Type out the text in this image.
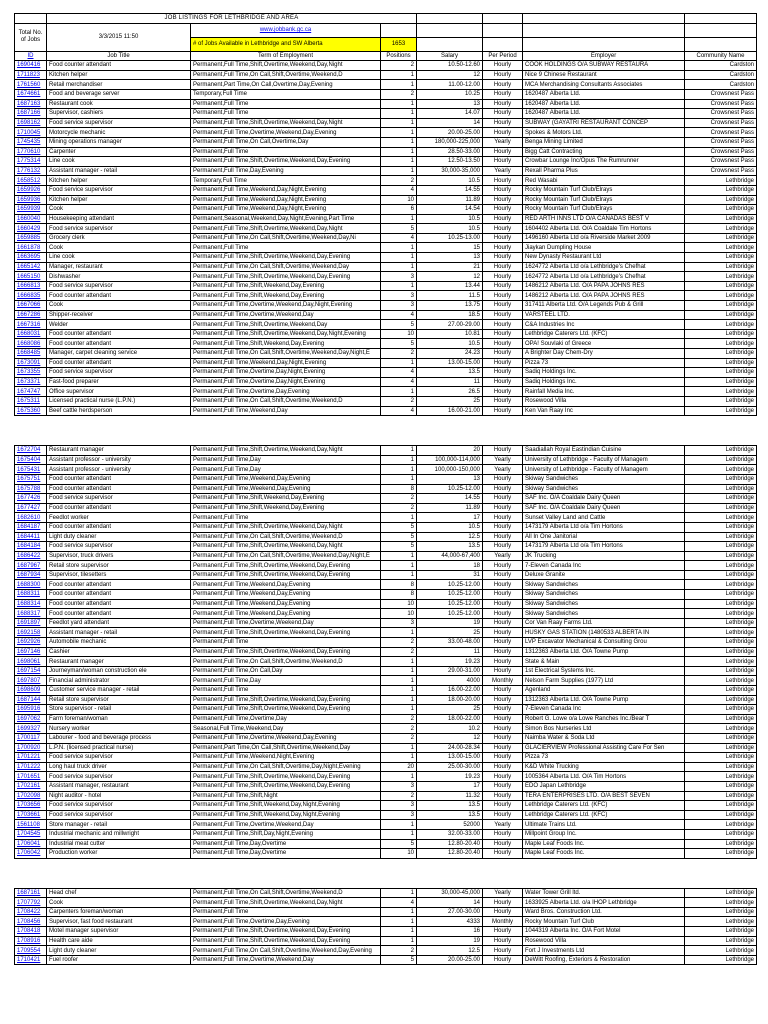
	JOB LISTINGS FOR LETHBRIDGE AND AREA						
Total No. of Jobs	3/3/2015 11:50	www.jobbank.gc.ca					
		# of Jobs Available in Lethbridge and SW Alberta	1653				
ID	Job Title	Term of Employment	Positions	Salary	Per Period	Employer	Community Name
1690416	Food counter attendant	Permanent,Full Time,Shift,Overtime,Weekend,Day,Night	2	10.50-12.60	Hourly	COOK HOLDINGS O/A SUBWAY RESTAURA	Cardston
1711823	Kitchen helper	Permanent,Full Time,On Call,Shift,Overtime,Weekend,D	1	12	Hourly	Nice 9 Chinese Restaurant	Cardston
1761560	Retail merchandiser	Permanent,Part Time,On Call,Overtime,Day,Evening	1	11.00-12.00	Hourly	MCA Merchandising Consultants Associates	Cardston
1674661	Food and beverage server	Temporary,Full Time	2	10.25	Hourly	1620487 Alberta Ltd.	Crowsnest Pass
1687163	Restaurant cook	Permanent,Full Time	1	13	Hourly	1620487 Alberta Ltd.	Crowsnest Pass
1687166	Supervisor, cashiers	Permanent,Full Time	1	14.07	Hourly	1620487 Alberta Ltd.	Crowsnest Pass
1698162	Food service supervisor	Permanent,Full Time,Shift,Overtime,Weekend,Day,Night	1	14	Hourly	SUBWAY (GAYATRI RESTAURANT CONCEP	Crowsnest Pass
1710045	Motorcycle mechanic	Permanent,Full Time,Overtime,Weekend,Day,Evening	1	20.00-25.00	Hourly	Spokes & Motors Ltd.	Crowsnest Pass
1745435	Mining operations manager	Permanent,Full Time,On Call,Overtime,Day	1	180,000-225,000	Yearly	Benga Mining Limited	Crowsnest Pass
1770610	Carpenter	Permanent,Full Time	1	28.50-33.00	Hourly	Bigg Catt Contracting	Crowsnest Pass
1775314	Line cook	Permanent,Full Time,Shift,Overtime,Weekend,Day,Evening	1	12.50-13.50	Hourly	Crowbar Lounge Inc/Opus The Rumrunner	Crowsnest Pass
1776132	Assistant manager - retail	Permanent,Full Time,Day,Evening	1	30,000-35,000	Yearly	Rexall Pharma Plus	Crowsnest Pass
1658512	Kitchen helper	Temporary,Full Time	2	10.5	Hourly	Red Wasabi	Lethbridge
1659926	Food service supervisor	Permanent,Full Time,Weekend,Day,Night,Evening	4	14.55	Hourly	Rocky Mountain Turf Club/Elrays	Lethbridge
1659936	Kitchen helper	Permanent,Full Time,Weekend,Day,Night,Evening	10	11.89	Hourly	Rocky Mountain Turf Club/Elrays	Lethbridge
1659939	Cook	Permanent,Full Time,Weekend,Day,Night,Evening	6	14.54	Hourly	Rocky Mountain Turf Club/Elrays	Lethbridge
1660040	Housekeeping attendant	Permanent,Seasonal,Weekend,Day,Night,Evening,Part Time	1	10.5	Hourly	RED ARTH INNS LTD O/A CANADAS BEST V	Lethbridge
1660429	Food service supervisor	Permanent,Full Time,Shift,Overtime,Weekend,Day,Night	5	10.5	Hourly	1604402 Alberta Ltd. O/A Coaldale Tim Hortons	Lethbridge
1659885	Grocery clerk	Permanent,Full Time,On Call,Shift,Overtime,Weekend,Day,Ni	4	10.25-13.00	Hourly	1496160 Alberta Ltd o/a Riverside Market 2009	Lethbridge
1661878	Cook	Permanent,Full Time	1	15	Hourly	Jiaykan Dumpling House	Lethbridge
1663695	Line cook	Permanent,Full Time,Shift,Overtime,Weekend,Day,Evening	1	13	Hourly	New Dynasty Restaurant Ltd	Lethbridge
1665142	Manager, restaurant	Permanent,Full Time,On Call,Shift,Overtime,Weekend,Day	1	21	Hourly	1624772 Alberta Ltd o/a Lethbridge's Chefhat	Lethbridge
1665150	Dishwasher	Permanent,Full Time,Shift,Overtime,Weekend,Day,Evening	3	12	Hourly	1624772 Alberta Ltd o/a Lethbridge's Chefhat	Lethbridge
1666813	Food service supervisor	Permanent,Full Time,Shift,Weekend,Day,Evening	1	13.44	Hourly	1486212 Alberta Ltd. O/A PAPA JOHNS RES	Lethbridge
1666835	Food counter attendant	Permanent,Full Time,Shift,Weekend,Day,Evening	3	11.5	Hourly	1486212 Alberta Ltd. O/A PAPA JOHNS RES	Lethbridge
1667066	Cook	Permanent,Full Time,Overtime,Weekend,Day,Night,Evening	3	13.75	Hourly	317411 Alberta Ltd. O/A Legends Pub & Grill	Lethbridge
1667286	Shipper-receiver	Permanent,Full Time,Overtime,Weekend,Day	4	18.5	Hourly	VARSTEEL LTD.	Lethbridge
1667316	Welder	Permanent,Full Time,Shift,Overtime,Weekend,Day	5	27.00-29.00	Hourly	C&A Industries Inc	Lethbridge
1668031	Food counter attendant	Permanent,Full Time,Shift,Overtime,Weekend,Day,Night,Evening	10	10.81	Hourly	Lethbridge Caterers Ltd. (KFC)	Lethbridge
1668086	Food counter attendant	Permanent,Full Time,Shift,Weekend,Day,Evening	5	10.5	Hourly	OPA! Souvlaki of Greece	Lethbridge
1668485	Manager, carpet cleaning service	Permanent,Full Time,On Call,Shift,Overtime,Weekend,Day,Night,E	2	24.23	Hourly	A Brighter Day Chem-Dry	Lethbridge
1673091	Food counter attendant	Permanent,Full Time,Weekend,Day,Night,Evening	1	13.00-15.00	Hourly	Pizza 73	Lethbridge
1673355	Food service supervisor	Permanent,Full Time,Overtime,Day,Night,Evening	4	13.5	Hourly	Sadiq Holdings Inc.	Lethbridge
1673371	Fast-food preparer	Permanent,Full Time,Overtime,Day,Night,Evening	4	11	Hourly	Sadiq Holdings Inc.	Lethbridge
1674747	Office supervisor	Permanent,Full Time,Overtime,Day,Evening	1	26.5	Hourly	Rainfall Media Inc.	Lethbridge
1675311	Licensed practical nurse (L.P.N.)	Permanent,Full Time,On Call,Shift,Overtime,Weekend,D	2	25	Hourly	Rosewood Villa	Lethbridge
1675360	Beef cattle herdsperson	Permanent,Full Time,Weekend,Day	4	16.00-21.00	Hourly	Ken Van Raay Inc	Lethbridge

1672704	Restaurant manager	Permanent,Full Time,Shift,Overtime,Weekend,Day,Night	1	20	Hourly	Saadiallah Royal Eastindian Cuisine	Lethbridge
1675404	Assistant professor - university	Permanent,Full Time,Day	1	100,000-114,000	Yearly	University of Lethbridge - Faculty of Managem	Lethbridge
1675431	Assistant professor - university	Permanent,Full Time,Day	1	100,000-150,000	Yearly	University of Lethbridge - Faculty of Managem	Lethbridge
1675751	Food counter attendant	Permanent,Full Time,Weekend,Day,Evening	1	13	Hourly	Skiway Sandwiches	Lethbridge
1675788	Food counter attendant	Permanent,Full Time,Weekend,Day,Evening	8	10.25-12.00	Hourly	Skiway Sandwiches	Lethbridge
1677426	Food service supervisor	Permanent,Full Time,Shift,Weekend,Day,Evening	2	14.55	Hourly	SAF Inc. O/A Coaldale Dairy Queen	Lethbridge
1677427	Food counter attendant	Permanent,Full Time,Shift,Weekend,Day,Evening	2	11.89	Hourly	SAF Inc. O/A Coaldale Dairy Queen	Lethbridge
1682610	Feedlot worker	Permanent,Full Time	1	17	Hourly	Sunset Valley Land and Cattle	Lethbridge
1684187	Food counter attendant	Permanent,Full Time,Shift,Overtime,Weekend,Day,Night	5	10.5	Hourly	1473179 Alberta Ltd o/a Tim Hortons	Lethbridge
1684411	Light duty cleaner	Permanent,Full Time,On Call,Shift,Overtime,Weekend,D	5	12.5	Hourly	All In One Janitorial	Lethbridge
1684184	Food service supervisor	Permanent,Full Time,Shift,Overtime,Weekend,Day,Night	5	13.5	Hourly	1473179 Alberta Ltd o/a Tim Hortons	Lethbridge
1686422	Supervisor, truck drivers	Permanent,Full Time,On Call,Shift,Overtime,Weekend,Day,Night,E	1	44,000-67,400	Yearly	JK Trucking	Lethbridge
1687967	Retail store supervisor	Permanent,Full Time,Shift,Overtime,Weekend,Day,Evening	1	18	Hourly	7-Eleven Canada Inc	Lethbridge
1687934	Supervisor, tilesetters	Permanent,Full Time,Shift,Overtime,Weekend,Day,Evening	1	31	Hourly	Deluxe Granite	Lethbridge
1688300	Food counter attendant	Permanent,Full Time,Weekend,Day,Evening	8	10.25-12.00	Hourly	Skiway Sandwiches	Lethbridge
1688311	Food counter attendant	Permanent,Full Time,Weekend,Day,Evening	8	10.25-12.00	Hourly	Skiway Sandwiches	Lethbridge
1688314	Food counter attendant	Permanent,Full Time,Weekend,Day,Evening	10	10.25-12.00	Hourly	Skiway Sandwiches	Lethbridge
1688317	Food counter attendant	Permanent,Full Time,Weekend,Day,Evening	10	10.25-12.00	Hourly	Skiway Sandwiches	Lethbridge
1691897	Feedlot yard attendant	Permanent,Full Time,Overtime,Weekend,Day	3	19	Hourly	Cor Van Raay Farms Ltd.	Lethbridge
1692158	Assistant manager - retail	Permanent,Full Time,Shift,Overtime,Weekend,Day,Evening	1	25	Hourly	HUSKY GAS STATION (1480533 ALBERTA IN	Lethbridge
1692926	Automobile mechanic	Permanent,Full Time	2	33.00-48.00	Hourly	LVP Excavator Mechanical & Consulting Grou	Lethbridge
1697146	Cashier	Permanent,Full Time,Shift,Overtime,Weekend,Day,Evening	2	11	Hourly	1312363 Alberta Ltd. O/A Towne Pump	Lethbridge
1698061	Restaurant manager	Permanent,Full Time,On Call,Shift,Overtime,Weekend,D	1	19.23	Hourly	State & Main	Lethbridge
1697154	Journeyman/woman construction ele	Permanent,Full Time,On Call,Day	1	29.00-31.00	Hourly	1st Electrical Systems Inc.	Lethbridge
1697807	Financial administrator	Permanent,Full Time,Day	1	4000	Monthly	Nelson Farm Supplies (1977) Ltd	Lethbridge
1698609	Customer service manager - retail	Permanent,Full Time	1	16.00-22.00	Hourly	Agenland	Lethbridge
1687144	Retail store supervisor	Permanent,Full Time,Shift,Overtime,Weekend,Day,Evening	1	18.00-20.00	Hourly	1312363 Alberta Ltd. O/A Towne Pump	Lethbridge
1695916	Store supervisor - retail	Permanent,Full Time,Shift,Overtime,Weekend,Day,Evening	1	25	Hourly	7-Eleven Canada Inc	Lethbridge
1697062	Farm foreman/woman	Permanent,Full Time,Overtime,Day	2	18.00-22.00	Hourly	Robert G. Lowe o/a Lowe Ranches Inc./Bear T	Lethbridge
1699327	Nursery worker	Seasonal,Full Time,Weekend,Day	2	10.2	Hourly	Simon Bos Nurseries Ltd	Lethbridge
1700117	Labourer - food and beverage process	Permanent,Full Time,Overtime,Weekend,Day,Evening	2	12	Hourly	Naimba Water & Soda Ltd	Lethbridge
1700920	L.P.N. (licensed practical nurse)	Permanent,Part Time,On Call,Shift,Overtime,Weekend,Day	1	24.00-28.34	Hourly	GLACIERVIEW Professional Assisting Care For Sen	Lethbridge
1701221	Food service supervisor	Permanent,Full Time,Weekend,Night,Evening	1	13.00-15.00	Hourly	Pizza 73	Lethbridge
1701222	Long haul truck driver	Permanent,Full Time,On Call,Shift,Overtime,Day,Night,Evening	20	25.00-30.00	Hourly	K&D White Trucking	Lethbridge
1701651	Food service supervisor	Permanent,Full Time,Shift,Overtime,Weekend,Day,Evening	1	19.23	Hourly	1005364 Alberta Ltd. O/A Tim Hortons	Lethbridge
1702161	Assistant manager, restaurant	Permanent,Full Time,Shift,Overtime,Weekend,Day,Evening	3	17	Hourly	EDO Japan Lethbridge	Lethbridge
1702098	Night auditor - hotel	Permanent,Full Time,Shift,Night	2	11.32	Hourly	TERA ENTERPRISES LTD. O/A BEST SEVEN	Lethbridge
1703656	Food service supervisor	Permanent,Full Time,Shift,Weekend,Day,Night,Evening	3	13.5	Hourly	Lethbridge Caterers Ltd. (KFC)	Lethbridge
1703661	Food service supervisor	Permanent,Full Time,Shift,Weekend,Day,Night,Evening	3	13.5	Hourly	Lethbridge Caterers Ltd. (KFC)	Lethbridge
1561108	Store manager - retail	Permanent,Full Time,Overtime,Weekend,Day	1	52000	Yearly	Ultimate Trains Ltd.	Lethbridge
1704545	Industrial mechanic and millwright	Permanent,Full Time,Shift,Day,Night,Evening	1	32.00-33.00	Hourly	Millpoint Group Inc.	Lethbridge
1706041	Industrial meat cutter	Permanent,Full Time,Day,Overtime	5	12.80-20.40	Hourly	Maple Leaf Foods Inc.	Lethbridge
1706042	Production worker	Permanent,Full Time,Day,Overtime	10	12.80-20.40	Hourly	Maple Leaf Foods Inc.	Lethbridge

1687161	Head chef	Permanent,Full Time,On Call,Shift,Overtime,Weekend,D	1	30,000-45,000	Yearly	Water Tower Grill ltd.	Lethbridge
1707792	Cook	Permanent,Full Time,Shift,Overtime,Weekend,Day,Night	4	14	Hourly	1633925 Alberta Ltd. o/a IHOP Lethbridge	Lethbridge
1708422	Carpenters foreman/woman	Permanent,Full Time	1	27.00-30.00	Hourly	Ward Bros. Construction Ltd.	Lethbridge
1708456	Supervisor, fast food restaurant	Permanent,Full Time,Overtime,Day,Evening	1	4333	Monthly	Rocky Mountain Turf Club	Lethbridge
1708418	Motel manager supervisor	Permanent,Full Time,Shift,Overtime,Weekend,Day,Evening	1	16	Hourly	1044319 Alberta Inc. O/A Fort Motel	Lethbridge
1708916	Health care aide	Permanent,Full Time,Shift,Overtime,Weekend,Day,Evening	1	19	Hourly	Rosewood Villa	Lethbridge
1709554	Light duty cleaner	Permanent,Full Time,On Call,Shift,Overtime,Weekend,Day,Evening	2	12.5	Hourly	Fort J Investments Ltd	Lethbridge
1710421	Fuel roofer	Permanent,Full Time,Overtime,Weekend,Day	5	20.00-25.00	Hourly	DeWitt Roofing, Exteriors & Restoration	Lethbridge
